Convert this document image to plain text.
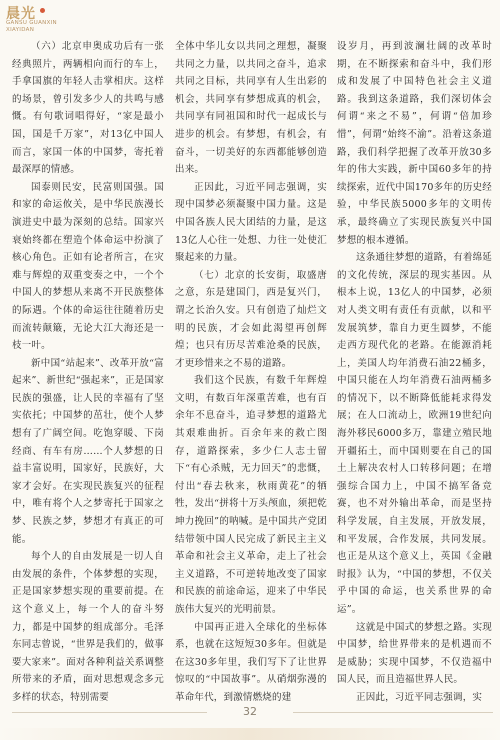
晨光
GANSU GUANXIN
XIAYIDAN

（六）北京申奥成功后有一张经典照片，两辆相向而行的车上，手拿国旗的年轻人击掌相庆。这样的场景，曾引发多少人的共鸣与感慨。有句歌词唱得好，“家是最小国，国是千万家”，对13亿中国人而言，家国一体的中国梦，寄托着最深厚的情感。

国泰则民安，民富则国强。国和家的命运攸关，是中华民族漫长演进史中最为深刻的总结。国家兴衰始终都在塑造个体命运中扮演了核心角色。正如有论者所言，在灾难与辉煌的双重变奏之中，一个个中国人的梦想从来离不开民族整体的际遇。个体的命运往往随着历史而流转颠簸，无论大江大海还是一枝一叶。

新中国“站起来”、改革开放“富起来”、新世纪“强起来”，正是国家民族的强盛，让人民的幸福有了坚实依托；中国梦的茁壮，使个人梦想有了广阔空间。吃饱穿暖、下岗经商、有车有房……个人梦想的日益丰富说明，国家好，民族好，大家才会好。在实现民族复兴的征程中，唯有将个人之梦寄托于国家之梦、民族之梦，梦想才有真正的可能。

每个人的自由发展是一切人自由发展的条件，个体梦想的实现，正是国家梦想实现的重要前提。在这个意义上，每一个人的奋斗努力，都是中国梦的组成部分。毛泽东同志曾说，“世界是我们的，做事要大家来”。面对各种利益关系调整所带来的矛盾，面对思想观念多元多样的状态，特别需要

全体中华儿女以共同之理想，凝聚共同之力量，以共同之奋斗，追求共同之目标，共同享有人生出彩的机会，共同享有梦想成真的机会，共同享有同祖国和时代一起成长与进步的机会。有梦想，有机会，有奋斗，一切美好的东西都能够创造出来。

正因此，习近平同志强调，实现中国梦必须凝聚中国力量。这是中国各族人民大团结的力量，是这13亿人心往一处想、力往一处使汇聚起来的力量。

（七）北京的长安街，取盛唐之意，东是建国门，西是复兴门，谓之长治久安。只有创造了灿烂文明的民族，才会如此渴望再创辉煌；也只有历尽苦难沧桑的民族，才更珍惜来之不易的道路。

我们这个民族，有数千年辉煌文明，有数百年深重苦难，也有百余年不息奋斗，追寻梦想的道路尤其艰难曲折。百余年来的救亡图存，道路探索，多少仁人志士留下“有心杀贼，无力回天”的悲慨，付出“春去秋来，秋雨黄花”的牺牲，发出“拼将十万头颅血，须把乾坤力挽回”的呐喊。是中国共产党团结带领中国人民完成了新民主主义革命和社会主义革命，走上了社会主义道路，不可逆转地改变了国家和民族的前途命运，迎来了中华民族伟大复兴的光明前景。

中国再正进入全球化的坐标体系，也就在这短短30多年。但就是在这30多年里，我们写下了让世界惊叹的“中国故事”。从硝烟弥漫的革命年代，到激情燃烧的建

设岁月，再到波澜壮阔的改革时期，在不断探索和奋斗中，我们形成和发展了中国特色社会主义道路。我到这条道路，我们深切体会何谓“来之不易”，何谓“倍加珍惜”，何谓“始终不渝”。沿着这条道路，我们科学把握了改革开放30多年的伟大实践，新中国60多年的持续探索，近代中国170多年的历史经验，中华民族5000多年的文明传承，最终确立了实现民族复兴中国梦想的根本遵循。

这条通往梦想的道路，有着绵延的文化传统，深层的现实基因。从根本上说，13亿人的中国梦，必须对人类文明有责任有贡献，以和平发展筑梦，靠自力更生圆梦，不能走西方现代化的老路。在能源消耗上，美国人均年消费石油22桶多，中国只能在人均年消费石油两桶多的情况下，以不断降低能耗求得发展；在人口流动上，欧洲19世纪向海外移民6000多万，靠建立殖民地开疆拓土，而中国则要在自己的国土上解决农村人口转移问题；在增强综合国力上，中国不搞军备竞赛，也不对外输出革命，而是坚持科学发展，自主发展，开放发展，和平发展，合作发展，共同发展。也正是从这个意义上，英国《金融时报》认为，“中国的梦想，不仅关乎中国的命运，也关系世界的命运”。

这就是中国式的梦想之路。实现中国梦，给世界带来的是机遇而不是威胁；实现中国梦，不仅造福中国人民，而且造福世界人民。

正因此，习近平同志强调，实

32
